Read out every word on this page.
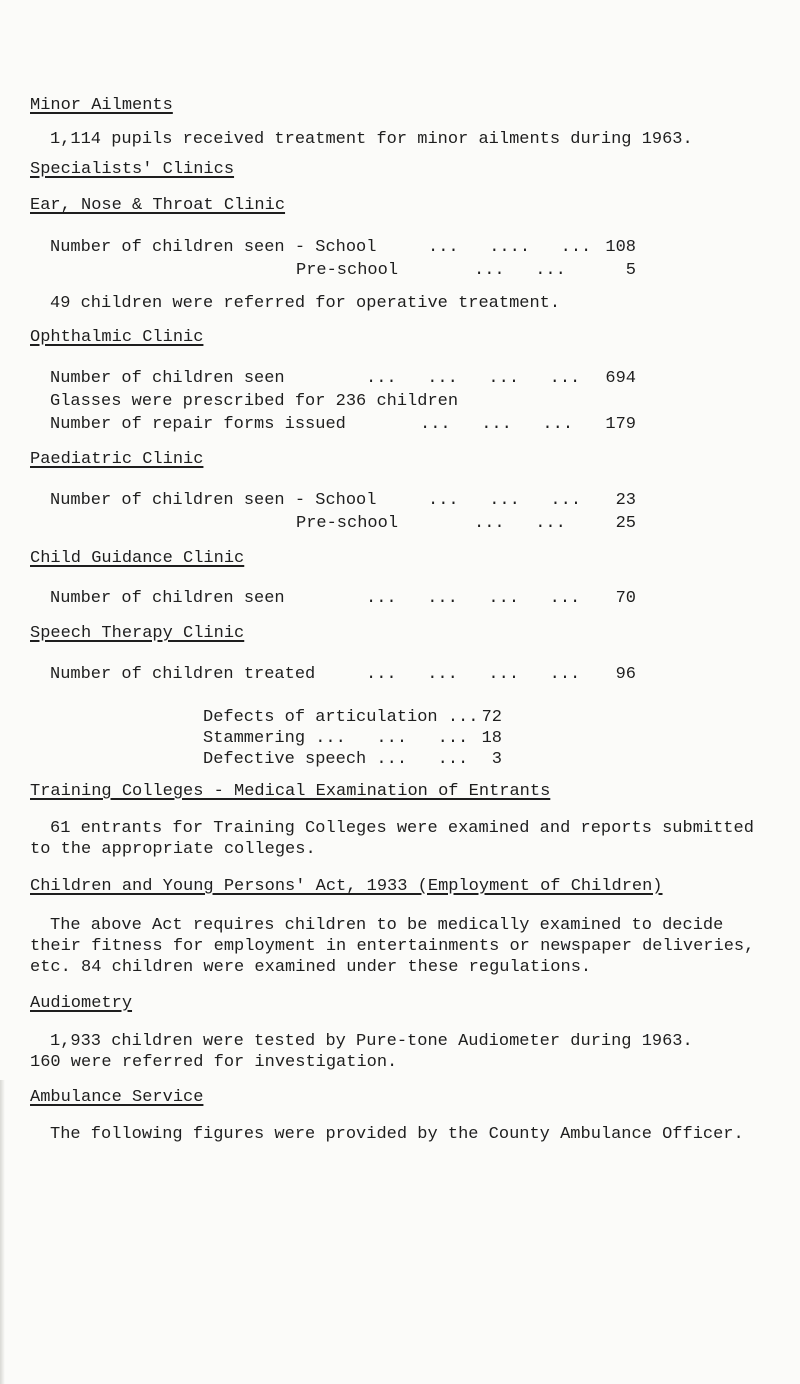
Minor Ailments
1,114 pupils received treatment for minor ailments during 1963.
Specialists' Clinics
Ear, Nose & Throat Clinic
Number of children seen - School	...   ....   ... 108
Pre-school	...   ...	5
49 children were referred for operative treatment.
Ophthalmic Clinic
Number of children seen	...   ...   ...   ...	694
Glasses were prescribed for 236 children
Number of repair forms issued	...   ...   ...	179
Paediatric Clinic
Number of children seen - School	...   ...   ...	23
Pre-school	...   ...	25
Child Guidance Clinic
Number of children seen	...   ...   ...   ...	70
Speech Therapy Clinic
Number of children treated	...   ...   ...   ...	96
Defects of articulation ... 72
Stammering ...   ...   ... 18
Defective speech ...   ...	3
Training Colleges - Medical Examination of Entrants
61 entrants for Training Colleges were examined and reports submitted
to the appropriate colleges.
Children and Young Persons' Act, 1933 (Employment of Children)
The above Act requires children to be medically examined to decide
their fitness for employment in entertainments or newspaper deliveries,
etc. 84 children were examined under these regulations.
Audiometry
1,933 children were tested by Pure-tone Audiometer during 1963.
160 were referred for investigation.
Ambulance Service
The following figures were provided by the County Ambulance Officer.
